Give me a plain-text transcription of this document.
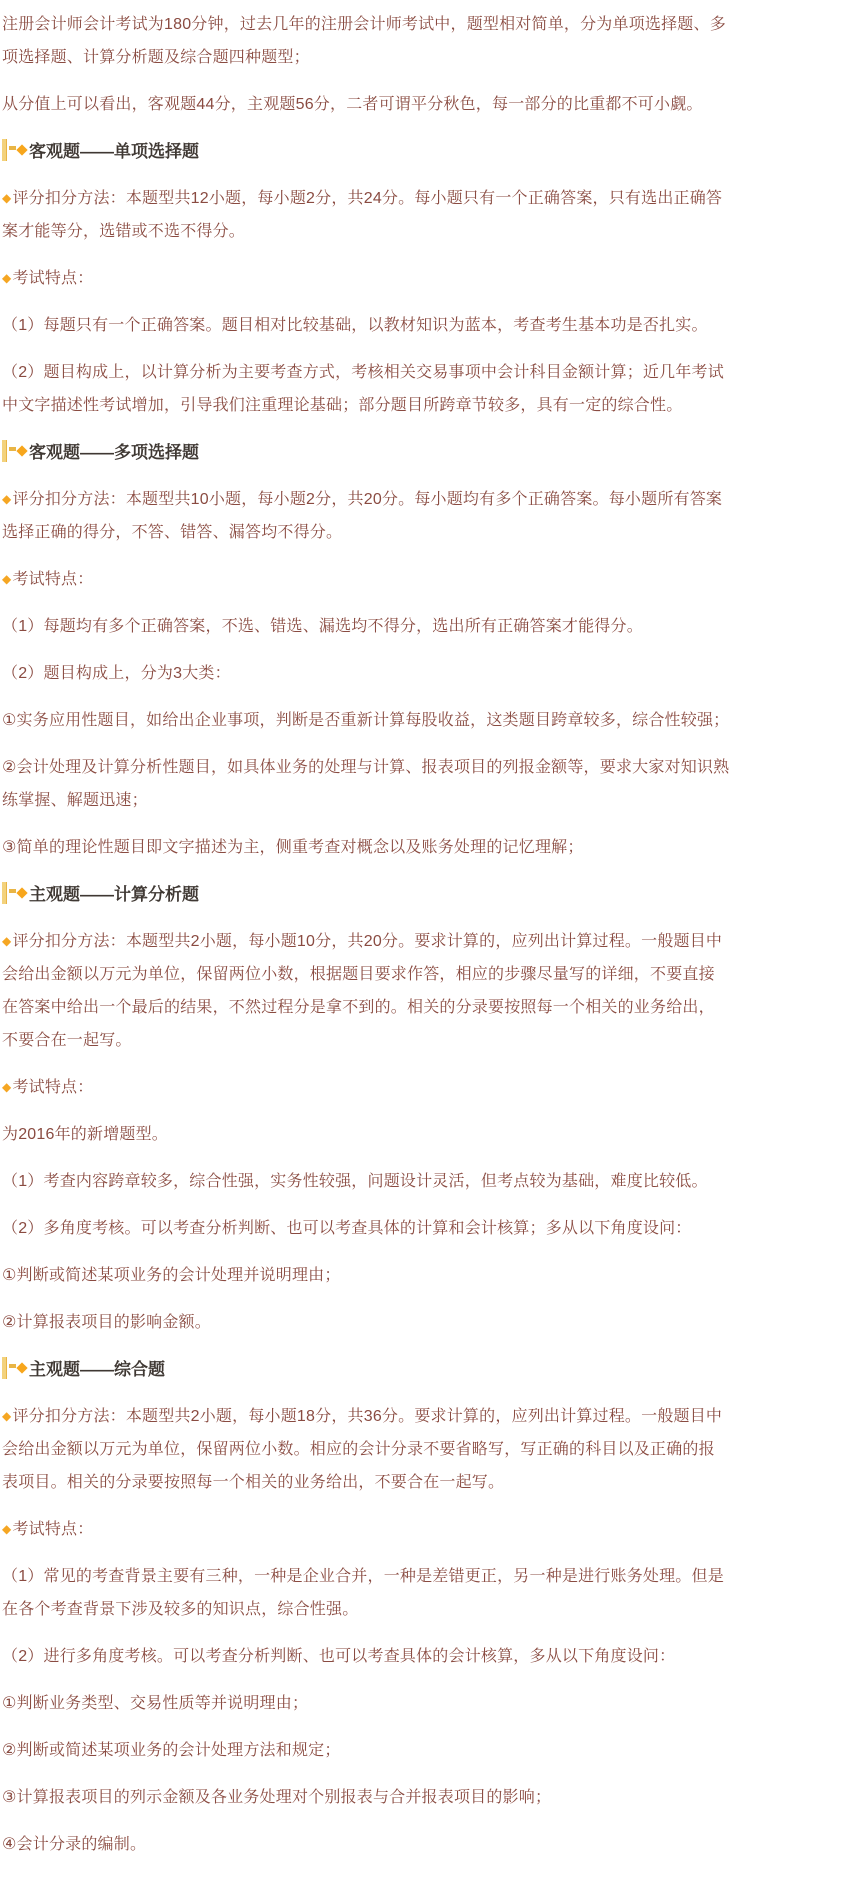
注册会计师会计考试为180分钟，过去几年的注册会计师考试中，题型相对简单，分为单项选择题、多项选择题、计算分析题及综合题四种题型；

从分值上可以看出，客观题44分，主观题56分，二者可谓平分秋色，每一部分的比重都不可小觑。

客观题——单项选择题

◆评分扣分方法：本题型共12小题，每小题2分，共24分。每小题只有一个正确答案，只有选出正确答案才能等分，选错或不选不得分。

◆考试特点：

（1）每题只有一个正确答案。题目相对比较基础，以教材知识为蓝本，考查考生基本功是否扎实。

（2）题目构成上，以计算分析为主要考查方式，考核相关交易事项中会计科目金额计算；近几年考试中文字描述性考试增加，引导我们注重理论基础；部分题目所跨章节较多，具有一定的综合性。

客观题——多项选择题

◆评分扣分方法：本题型共10小题，每小题2分，共20分。每小题均有多个正确答案。每小题所有答案选择正确的得分，不答、错答、漏答均不得分。

◆考试特点：

（1）每题均有多个正确答案，不选、错选、漏选均不得分，选出所有正确答案才能得分。

（2）题目构成上，分为3大类：

①实务应用性题目，如给出企业事项，判断是否重新计算每股收益，这类题目跨章较多，综合性较强；

②会计处理及计算分析性题目，如具体业务的处理与计算、报表项目的列报金额等，要求大家对知识熟练掌握、解题迅速；

③简单的理论性题目即文字描述为主，侧重考查对概念以及账务处理的记忆理解；

主观题——计算分析题

◆评分扣分方法：本题型共2小题，每小题10分，共20分。要求计算的，应列出计算过程。一般题目中会给出金额以万元为单位，保留两位小数，根据题目要求作答，相应的步骤尽量写的详细，不要直接在答案中给出一个最后的结果，不然过程分是拿不到的。相关的分录要按照每一个相关的业务给出，不要合在一起写。

◆考试特点：

为2016年的新增题型。

（1）考查内容跨章较多，综合性强，实务性较强，问题设计灵活，但考点较为基础，难度比较低。

（2）多角度考核。可以考查分析判断、也可以考查具体的计算和会计核算；多从以下角度设问：

①判断或简述某项业务的会计处理并说明理由；

②计算报表项目的影响金额。

主观题——综合题

◆评分扣分方法：本题型共2小题，每小题18分，共36分。要求计算的，应列出计算过程。一般题目中会给出金额以万元为单位，保留两位小数。相应的会计分录不要省略写，写正确的科目以及正确的报表项目。相关的分录要按照每一个相关的业务给出，不要合在一起写。

◆考试特点：

（1）常见的考查背景主要有三种，一种是企业合并，一种是差错更正，另一种是进行账务处理。但是在各个考查背景下涉及较多的知识点，综合性强。

（2）进行多角度考核。可以考查分析判断、也可以考查具体的会计核算，多从以下角度设问：

①判断业务类型、交易性质等并说明理由；

②判断或简述某项业务的会计处理方法和规定；

③计算报表项目的列示金额及各业务处理对个别报表与合并报表项目的影响；

④会计分录的编制。
